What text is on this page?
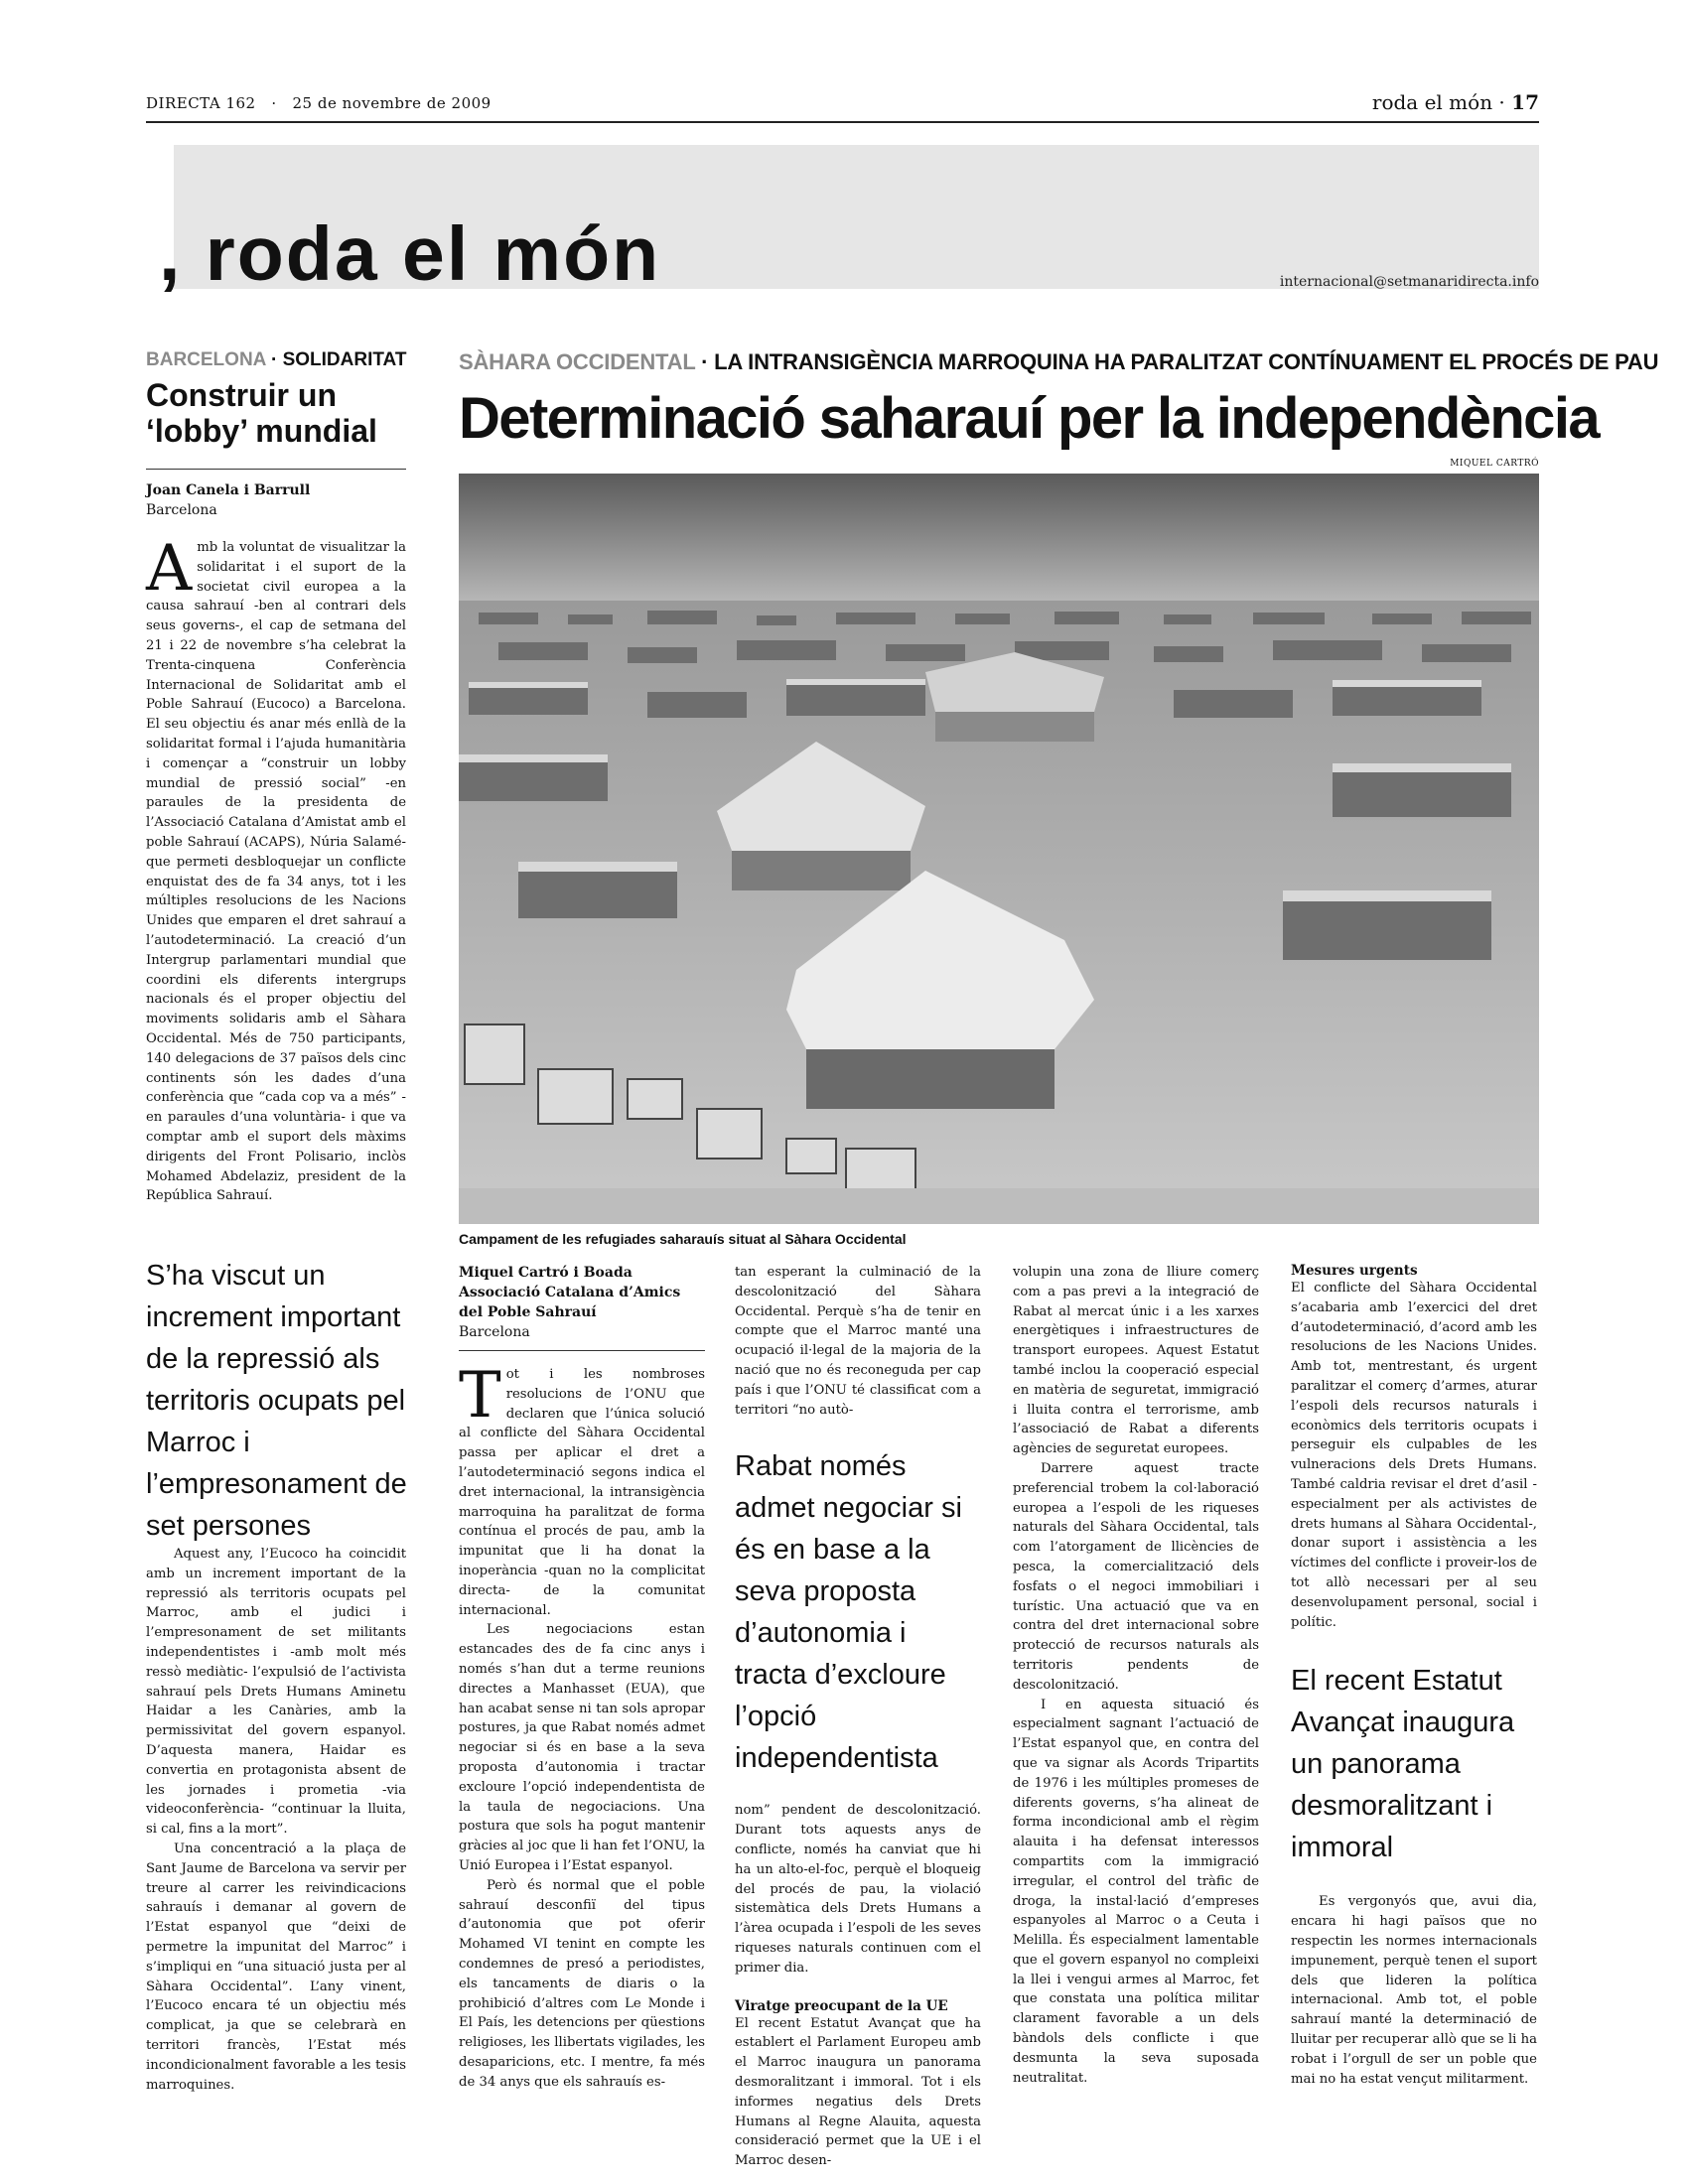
DIRECTA 162 · 25 de novembre de 2009	roda el món · 17
, roda el món	internacional@setmanaridirecta.info
BARCELONA · SOLIDARITAT
Construir un ‘lobby’ mundial
Joan Canela i Barrull
Barcelona

Amb la voluntat de visualitzar la solidaritat i el suport de la societat civil europea a la causa sahrauí -ben al contrari dels seus governs-, el cap de setmana del 21 i 22 de novembre s’ha celebrat la Trenta-cinquena Conferència Internacional de Solidaritat amb el Poble Sahrauí (Eucoco) a Barcelona. El seu objectiu és anar més enllà de la solidaritat formal i l’ajuda humanitària i començar a “construir un lobby mundial de pressió social” -en paraules de la presidenta de l’Associació Catalana d’Amistat amb el poble Sahrauí (ACAPS), Núria Salamé- que permeti desbloquejar un conflicte enquistat des de fa 34 anys, tot i les múltiples resolucions de les Nacions Unides que emparen el dret sahrauí a l’autodeterminació. La creació d’un Intergrup parlamentari mundial que coordini els diferents intergrups nacionals és el proper objectiu del moviments solidaris amb el Sàhara Occidental. Més de 750 participants, 140 delegacions de 37 països dels cinc continents són les dades d’una conferència que “cada cop va a més” -en paraules d’una voluntària- i que va comptar amb el suport dels màxims dirigents del Front Polisario, inclòs Mohamed Abdelaziz, president de la República Sahrauí.

S’ha viscut un increment important de la repressió als territoris ocupats pel Marroc i l’empresonament de set persones

Aquest any, l’Eucoco ha coincidit amb un increment important de la repressió als territoris ocupats pel Marroc, amb el judici i l’empresonament de set militants independentistes i -amb molt més ressò mediàtic- l’expulsió de l’activista sahrauí pels Drets Humans Aminetu Haidar a les Canàries, amb la permissivitat del govern espanyol. D’aquesta manera, Haidar es convertia en protagonista absent de les jornades i prometia -via videoconferència- “continuar la lluita, si cal, fins a la mort”.

Una concentració a la plaça de Sant Jaume de Barcelona va servir per treure al carrer les reivindicacions sahrauís i demanar al govern de l’Estat espanyol que “deixi de permetre la impunitat del Marroc” i s’impliqui en “una situació justa per al Sàhara Occidental”. L’any vinent, l’Eucoco encara té un objectiu més complicat, ja que se celebrarà en territori francès, l’Estat més incondicionalment favorable a les tesis marroquines.

SÀHARA OCCIDENTAL · LA INTRANSIGÈNCIA MARROQUINA HA PARALITZAT CONTÍNUAMENT EL PROCÉS DE PAU
Determinació saharauí per la independència
MIQUEL CARTRÓ
Campament de les refugiades saharauís situat al Sàhara Occidental
Miquel Cartró i Boada
Associació Catalana d’Amics
del Poble Sahrauí
Barcelona

Tot i les nombroses resolucions de l’ONU que declaren que l’única solució al conflicte del Sàhara Occidental passa per aplicar el dret a l’autodeterminació segons indica el dret internacional, la intransigència marroquina ha paralitzat de forma contínua el procés de pau, amb la impunitat que li ha donat la inoperància -quan no la complicitat directa- de la comunitat internacional.

Les negociacions estan estancades des de fa cinc anys i només s’han dut a terme reunions directes a Manhasset (EUA), que han acabat sense ni tan sols apropar postures, ja que Rabat només admet negociar si és en base a la seva proposta d’autonomia i tractar excloure l’opció independentista de la taula de negociacions. Una postura que sols ha pogut mantenir gràcies al joc que li han fet l’ONU, la Unió Europea i l’Estat espanyol.

Però és normal que el poble sahrauí desconfiï del tipus d’autonomia que pot oferir Mohamed VI tenint en compte les condemnes de presó a periodistes, els tancaments de diaris o la prohibició d’altres com Le Monde i El País, les detencions per qüestions religioses, les llibertats vigilades, les desaparicions, etc. I mentre, fa més de 34 anys que els sahrauís es-

tan esperant la culminació de la descolonització del Sàhara Occidental. Perquè s’ha de tenir en compte que el Marroc manté una ocupació il·legal de la majoria de la nació que no és reconeguda per cap país i que l’ONU té classificat com a territori “no autò-

Rabat només admet negociar si és en base a la seva proposta d’autonomia i tracta d’excloure l’opció independentista

nom” pendent de descolonització. Durant tots aquests anys de conflicte, només ha canviat que hi ha un alto-el-foc, perquè el bloqueig del procés de pau, la violació sistemàtica dels Drets Humans a l’àrea ocupada i l’espoli de les seves riqueses naturals continuen com el primer dia.

Viratge preocupant de la UE

El recent Estatut Avançat que ha establert el Parlament Europeu amb el Marroc inaugura un panorama desmoralitzant i immoral. Tot i els informes negatius dels Drets Humans al Regne Alauita, aquesta consideració permet que la UE i el Marroc desen-

volupin una zona de lliure comerç com a pas previ a la integració de Rabat al mercat únic i a les xarxes energètiques i infraestructures de transport europees. Aquest Estatut també inclou la cooperació especial en matèria de seguretat, immigració i lluita contra el terrorisme, amb l’associació de Rabat a diferents agències de seguretat europees.

Darrere aquest tracte preferencial trobem la col·laboració europea a l’espoli de les riqueses naturals del Sàhara Occidental, tals com l’atorgament de llicències de pesca, la comercialització dels fosfats o el negoci immobiliari i turístic. Una actuació que va en contra del dret internacional sobre protecció de recursos naturals als territoris pendents de descolonització.

I en aquesta situació és especialment sagnant l’actuació de l’Estat espanyol que, en contra del que va signar als Acords Tripartits de 1976 i les múltiples promeses de diferents governs, s’ha alineat de forma incondicional amb el règim alauita i ha defensat interessos compartits com la immigració irregular, el control del tràfic de droga, la instal·lació d’empreses espanyoles al Marroc o a Ceuta i Melilla. És especialment lamentable que el govern espanyol no compleixi la llei i vengui armes al Marroc, fet que constata una política militar clarament favorable a un dels bàndols dels conflicte i que desmunta la seva suposada neutralitat.

Mesures urgents

El conflicte del Sàhara Occidental s’acabaria amb l’exercici del dret d’autodeterminació, d’acord amb les resolucions de les Nacions Unides. Amb tot, mentrestant, és urgent paralitzar el comerç d’armes, aturar l’espoli dels recursos naturals i econòmics dels territoris ocupats i perseguir els culpables de les vulneracions dels Drets Humans. També caldria revisar el dret d’asil -especialment per als activistes de drets humans al Sàhara Occidental-, donar suport i assistència a les víctimes del conflicte i proveir-los de tot allò necessari per al seu desenvolupament personal, social i polític.

El recent Estatut Avançat inaugura un panorama desmoralitzant i immoral

Es vergonyós que, avui dia, encara hi hagi països que no respectin les normes internacionals impunement, perquè tenen el suport dels que lideren la política internacional. Amb tot, el poble sahrauí manté la determinació de lluitar per recuperar allò que se li ha robat i l’orgull de ser un poble que mai no ha estat vençut militarment.
